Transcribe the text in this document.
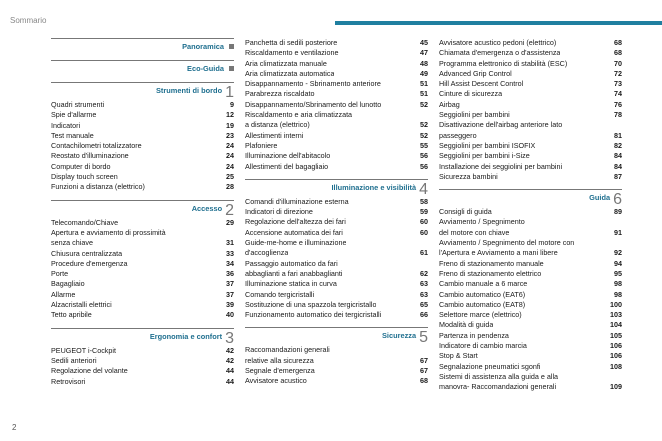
Sommario
Panoramica
Eco-Guida
Strumenti di bordo 1
Quadri strumenti	9
Spie d'allarme	12
Indicatori	19
Test manuale	23
Contachilometri totalizzatore	24
Reostato d'illuminazione	24
Computer di bordo	24
Display touch screen	25
Funzioni a distanza (elettrico)	28
Accesso 2
Telecomando/Chiave	29
Apertura e avviamento di prossimità
senza chiave	31
Chiusura centralizzata	33
Procedure d'emergenza	34
Porte	36
Bagagliaio	37
Allarme	37
Alzacristalli elettrici	39
Tetto apribile	40
Ergonomia e confort 3
PEUGEOT i-Cockpit	42
Sedili anteriori	42
Regolazione del volante	44
Retrovisori	44
Panchetta di sedili posteriore	45
Riscaldamento e ventilazione	47
Aria climatizzata manuale	48
Aria climatizzata automatica	49
Disappannamento - Sbrinamento anteriore	51
Parabrezza riscaldato	51
Disappannamento/Sbrinamento del lunotto	52
Riscaldamento e aria climatizzata
a distanza (elettrico)	52
Allestimenti interni	52
Plafoniere	55
Illuminazione dell'abitacolo	56
Allestimenti del bagagliaio	56
Illuminazione e visibilità 4
Comandi d'illuminazione esterna	58
Indicatori di direzione	59
Regolazione dell'altezza dei fari	60
Accensione automatica dei fari	60
Guide-me-home e illuminazione
d'accoglienza	61
Passaggio automatico da fari
abbaglianti a fari anabbaglianti	62
Illuminazione statica in curva	63
Comando tergicristalli	63
Sostituzione di una spazzola tergicristallo	65
Funzionamento automatico dei tergicristalli	66
Sicurezza 5
Raccomandazioni generali
relative alla sicurezza	67
Segnale d'emergenza	67
Avvisatore acustico	68
Avvisatore acustico pedoni (elettrico)	68
Chiamata d'emergenza o d'assistenza	68
Programma elettronico di stabilità (ESC)	70
Advanced Grip Control	72
Hill Assist Descent Control	73
Cinture di sicurezza	74
Airbag	76
Seggiolini per bambini	78
Disattivazione dell'airbag anteriore lato
passeggero	81
Seggiolini per bambini ISOFIX	82
Seggiolini per bambini i-Size	84
Installazione dei seggiolini per bambini	84
Sicurezza bambini	87
Guida 6
Consigli di guida	89
Avviamento / Spegnimento
del motore con chiave	91
Avviamento / Spegnimento del motore con
l'Apertura e Avviamento a mani libere	92
Freno di stazionamento manuale	94
Freno di stazionamento elettrico	95
Cambio manuale a 6 marce	98
Cambio automatico (EAT6)	98
Cambio automatico (EAT8)	100
Selettore marce (elettrico)	103
Modalità di guida	104
Partenza in pendenza	105
Indicatore di cambio marcia	106
Stop & Start	106
Segnalazione pneumatici sgonfi	108
Sistemi di assistenza alla guida e alla
manovra- Raccomandazioni generali	109
2
